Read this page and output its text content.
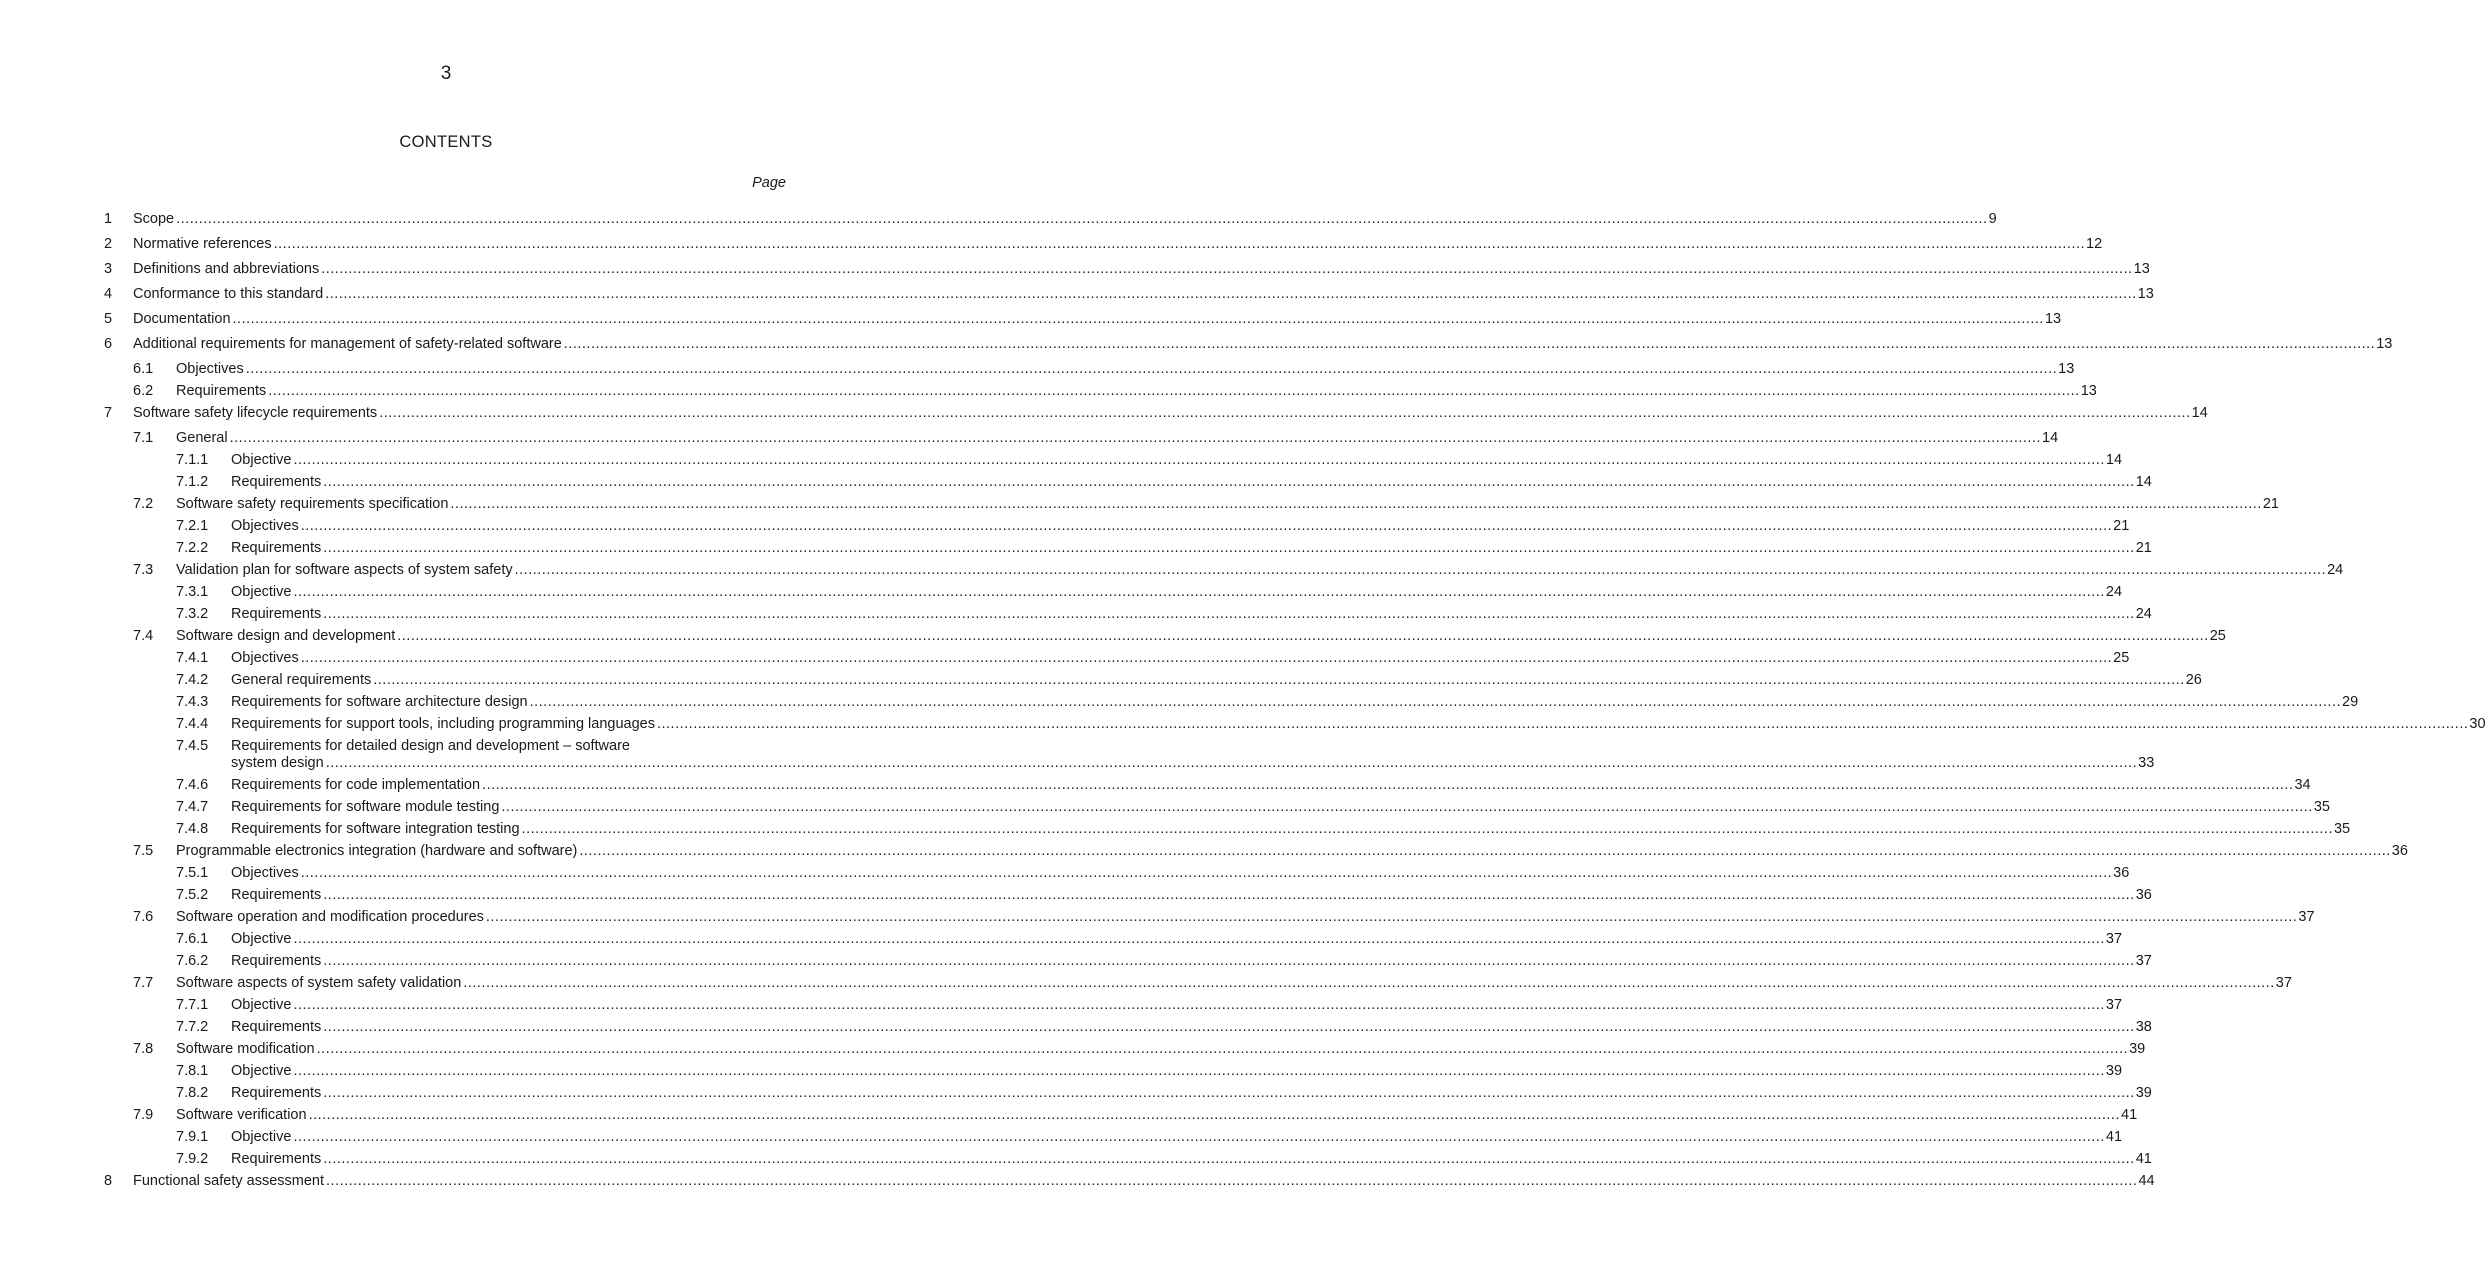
3
CONTENTS
Page
1 Scope ................................................................................................................................................................................................................................................................................................................................................................................................................ 9
2 Normative references ................................................................................................................................................................................................................................................................................................................................................................................................................ 12
3 Definitions and abbreviations ................................................................................................................................................................................................................................................................................................................................................................................................................ 13
4 Conformance to this standard ................................................................................................................................................................................................................................................................................................................................................................................................................ 13
5 Documentation ................................................................................................................................................................................................................................................................................................................................................................................................................ 13
6 Additional requirements for management of safety-related software ................................................................................................................................................................................................................................................................................................................................................................................................................ 13
6.1 Objectives ................................................................................................................................................................................................................................................................................................................................................................................................................ 13
6.2 Requirements ................................................................................................................................................................................................................................................................................................................................................................................................................ 13
7 Software safety lifecycle requirements ................................................................................................................................................................................................................................................................................................................................................................................................................ 14
7.1 General ................................................................................................................................................................................................................................................................................................................................................................................................................ 14
7.1.1 Objective ................................................................................................................................................................................................................................................................................................................................................................................................................ 14
7.1.2 Requirements ................................................................................................................................................................................................................................................................................................................................................................................................................ 14
7.2 Software safety requirements specification ................................................................................................................................................................................................................................................................................................................................................................................................................ 21
7.2.1 Objectives ................................................................................................................................................................................................................................................................................................................................................................................................................ 21
7.2.2 Requirements ................................................................................................................................................................................................................................................................................................................................................................................................................ 21
7.3 Validation plan for software aspects of system safety ................................................................................................................................................................................................................................................................................................................................................................................................................ 24
7.3.1 Objective ................................................................................................................................................................................................................................................................................................................................................................................................................ 24
7.3.2 Requirements ................................................................................................................................................................................................................................................................................................................................................................................................................ 24
7.4 Software design and development ................................................................................................................................................................................................................................................................................................................................................................................................................ 25
7.4.1 Objectives ................................................................................................................................................................................................................................................................................................................................................................................................................ 25
7.4.2 General requirements ................................................................................................................................................................................................................................................................................................................................................................................................................ 26
7.4.3 Requirements for software architecture design ................................................................................................................................................................................................................................................................................................................................................................................................................ 29
7.4.4 Requirements for support tools, including programming languages ................................................................................................................................................................................................................................................................................................................................................................................................................ 30
7.4.5 Requirements for detailed design and development – software
system design ................................................................................................................................................................................................................................................................................................................................................................................................................ 33
7.4.6 Requirements for code implementation ................................................................................................................................................................................................................................................................................................................................................................................................................ 34
7.4.7 Requirements for software module testing ................................................................................................................................................................................................................................................................................................................................................................................................................ 35
7.4.8 Requirements for software integration testing ................................................................................................................................................................................................................................................................................................................................................................................................................ 35
7.5 Programmable electronics integration (hardware and software) ................................................................................................................................................................................................................................................................................................................................................................................................................ 36
7.5.1 Objectives ................................................................................................................................................................................................................................................................................................................................................................................................................ 36
7.5.2 Requirements ................................................................................................................................................................................................................................................................................................................................................................................................................ 36
7.6 Software operation and modification procedures ................................................................................................................................................................................................................................................................................................................................................................................................................ 37
7.6.1 Objective ................................................................................................................................................................................................................................................................................................................................................................................................................ 37
7.6.2 Requirements ................................................................................................................................................................................................................................................................................................................................................................................................................ 37
7.7 Software aspects of system safety validation ................................................................................................................................................................................................................................................................................................................................................................................................................ 37
7.7.1 Objective ................................................................................................................................................................................................................................................................................................................................................................................................................ 37
7.7.2 Requirements ................................................................................................................................................................................................................................................................................................................................................................................................................ 38
7.8 Software modification ................................................................................................................................................................................................................................................................................................................................................................................................................ 39
7.8.1 Objective ................................................................................................................................................................................................................................................................................................................................................................................................................ 39
7.8.2 Requirements ................................................................................................................................................................................................................................................................................................................................................................................................................ 39
7.9 Software verification ................................................................................................................................................................................................................................................................................................................................................................................................................ 41
7.9.1 Objective ................................................................................................................................................................................................................................................................................................................................................................................................................ 41
7.9.2 Requirements ................................................................................................................................................................................................................................................................................................................................................................................................................ 41
8 Functional safety assessment ................................................................................................................................................................................................................................................................................................................................................................................................................ 44
